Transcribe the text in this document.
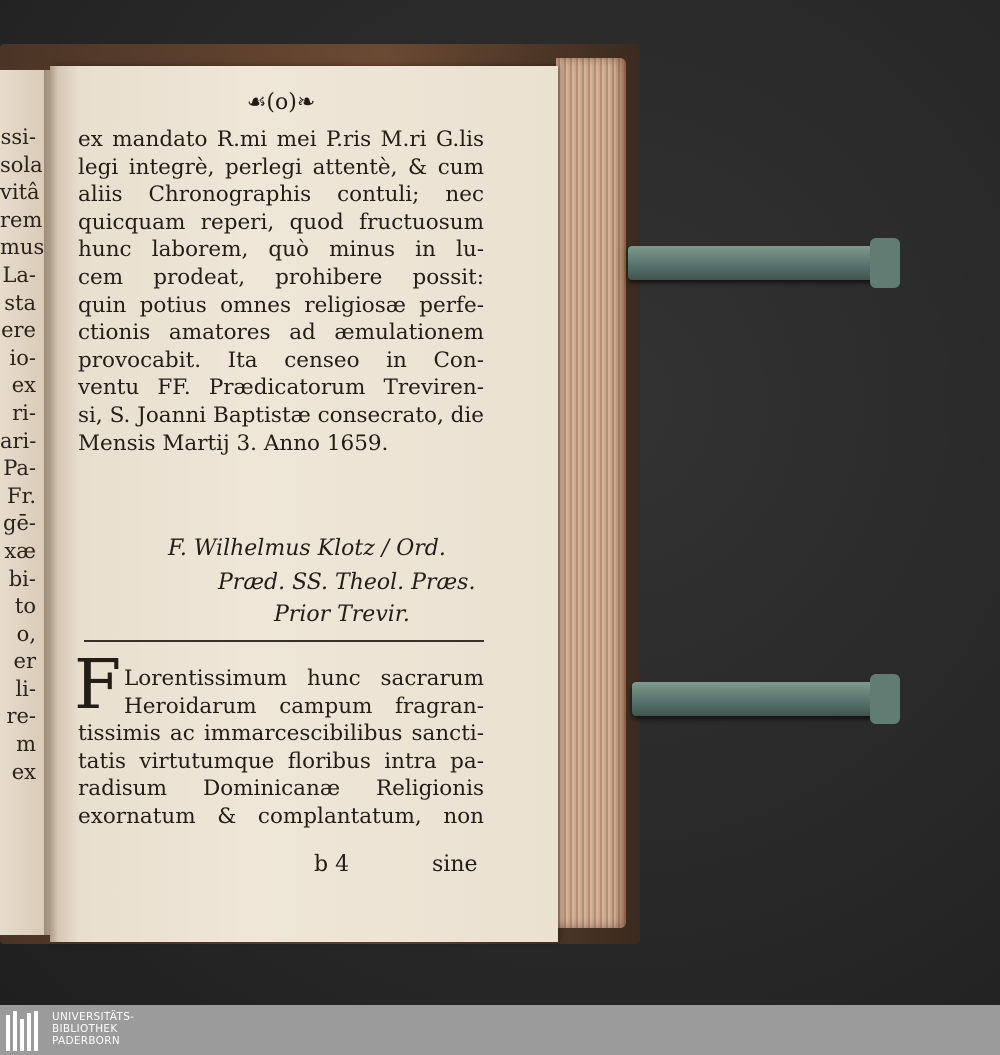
ssi-
sola
vitâ
rem
mus
La-
sta
ere
io-
ex
ri-
ari-
Pa-
Fr.
gē-
xæ
bi-
to
o,
er
li-
re-
m
ex
☙(o)❧
ex mandato R.mi mei P.ris M.ri G.lis
legi integrè, perlegi attentè, & cum
aliis Chronographis contuli; nec
quicquam reperi, quod fructuosum
hunc laborem, quò minus in lu-
cem prodeat, prohibere possit:
quin potius omnes religiosæ perfe-
ctionis amatores ad æmulationem
provocabit. Ita censeo in Con-
ventu FF. Prædicatorum Treviren-
si, S. Joanni Baptistæ consecrato, die
Mensis Martij 3. Anno 1659.
F. Wilhelmus Klotz / Ord.
Præd. SS. Theol. Præs.
Prior Trevir.
F Lorentissimum hunc sacrarum
Heroidarum campum fragran-
tissimis ac immarcescibilibus sancti-
tatis virtutumque floribus intra pa-
radisum Dominicanæ Religionis
exornatum & complantatum, non
b 4	sine

UNIVERSITÄTS-
BIBLIOTHEK
PADERBORN
